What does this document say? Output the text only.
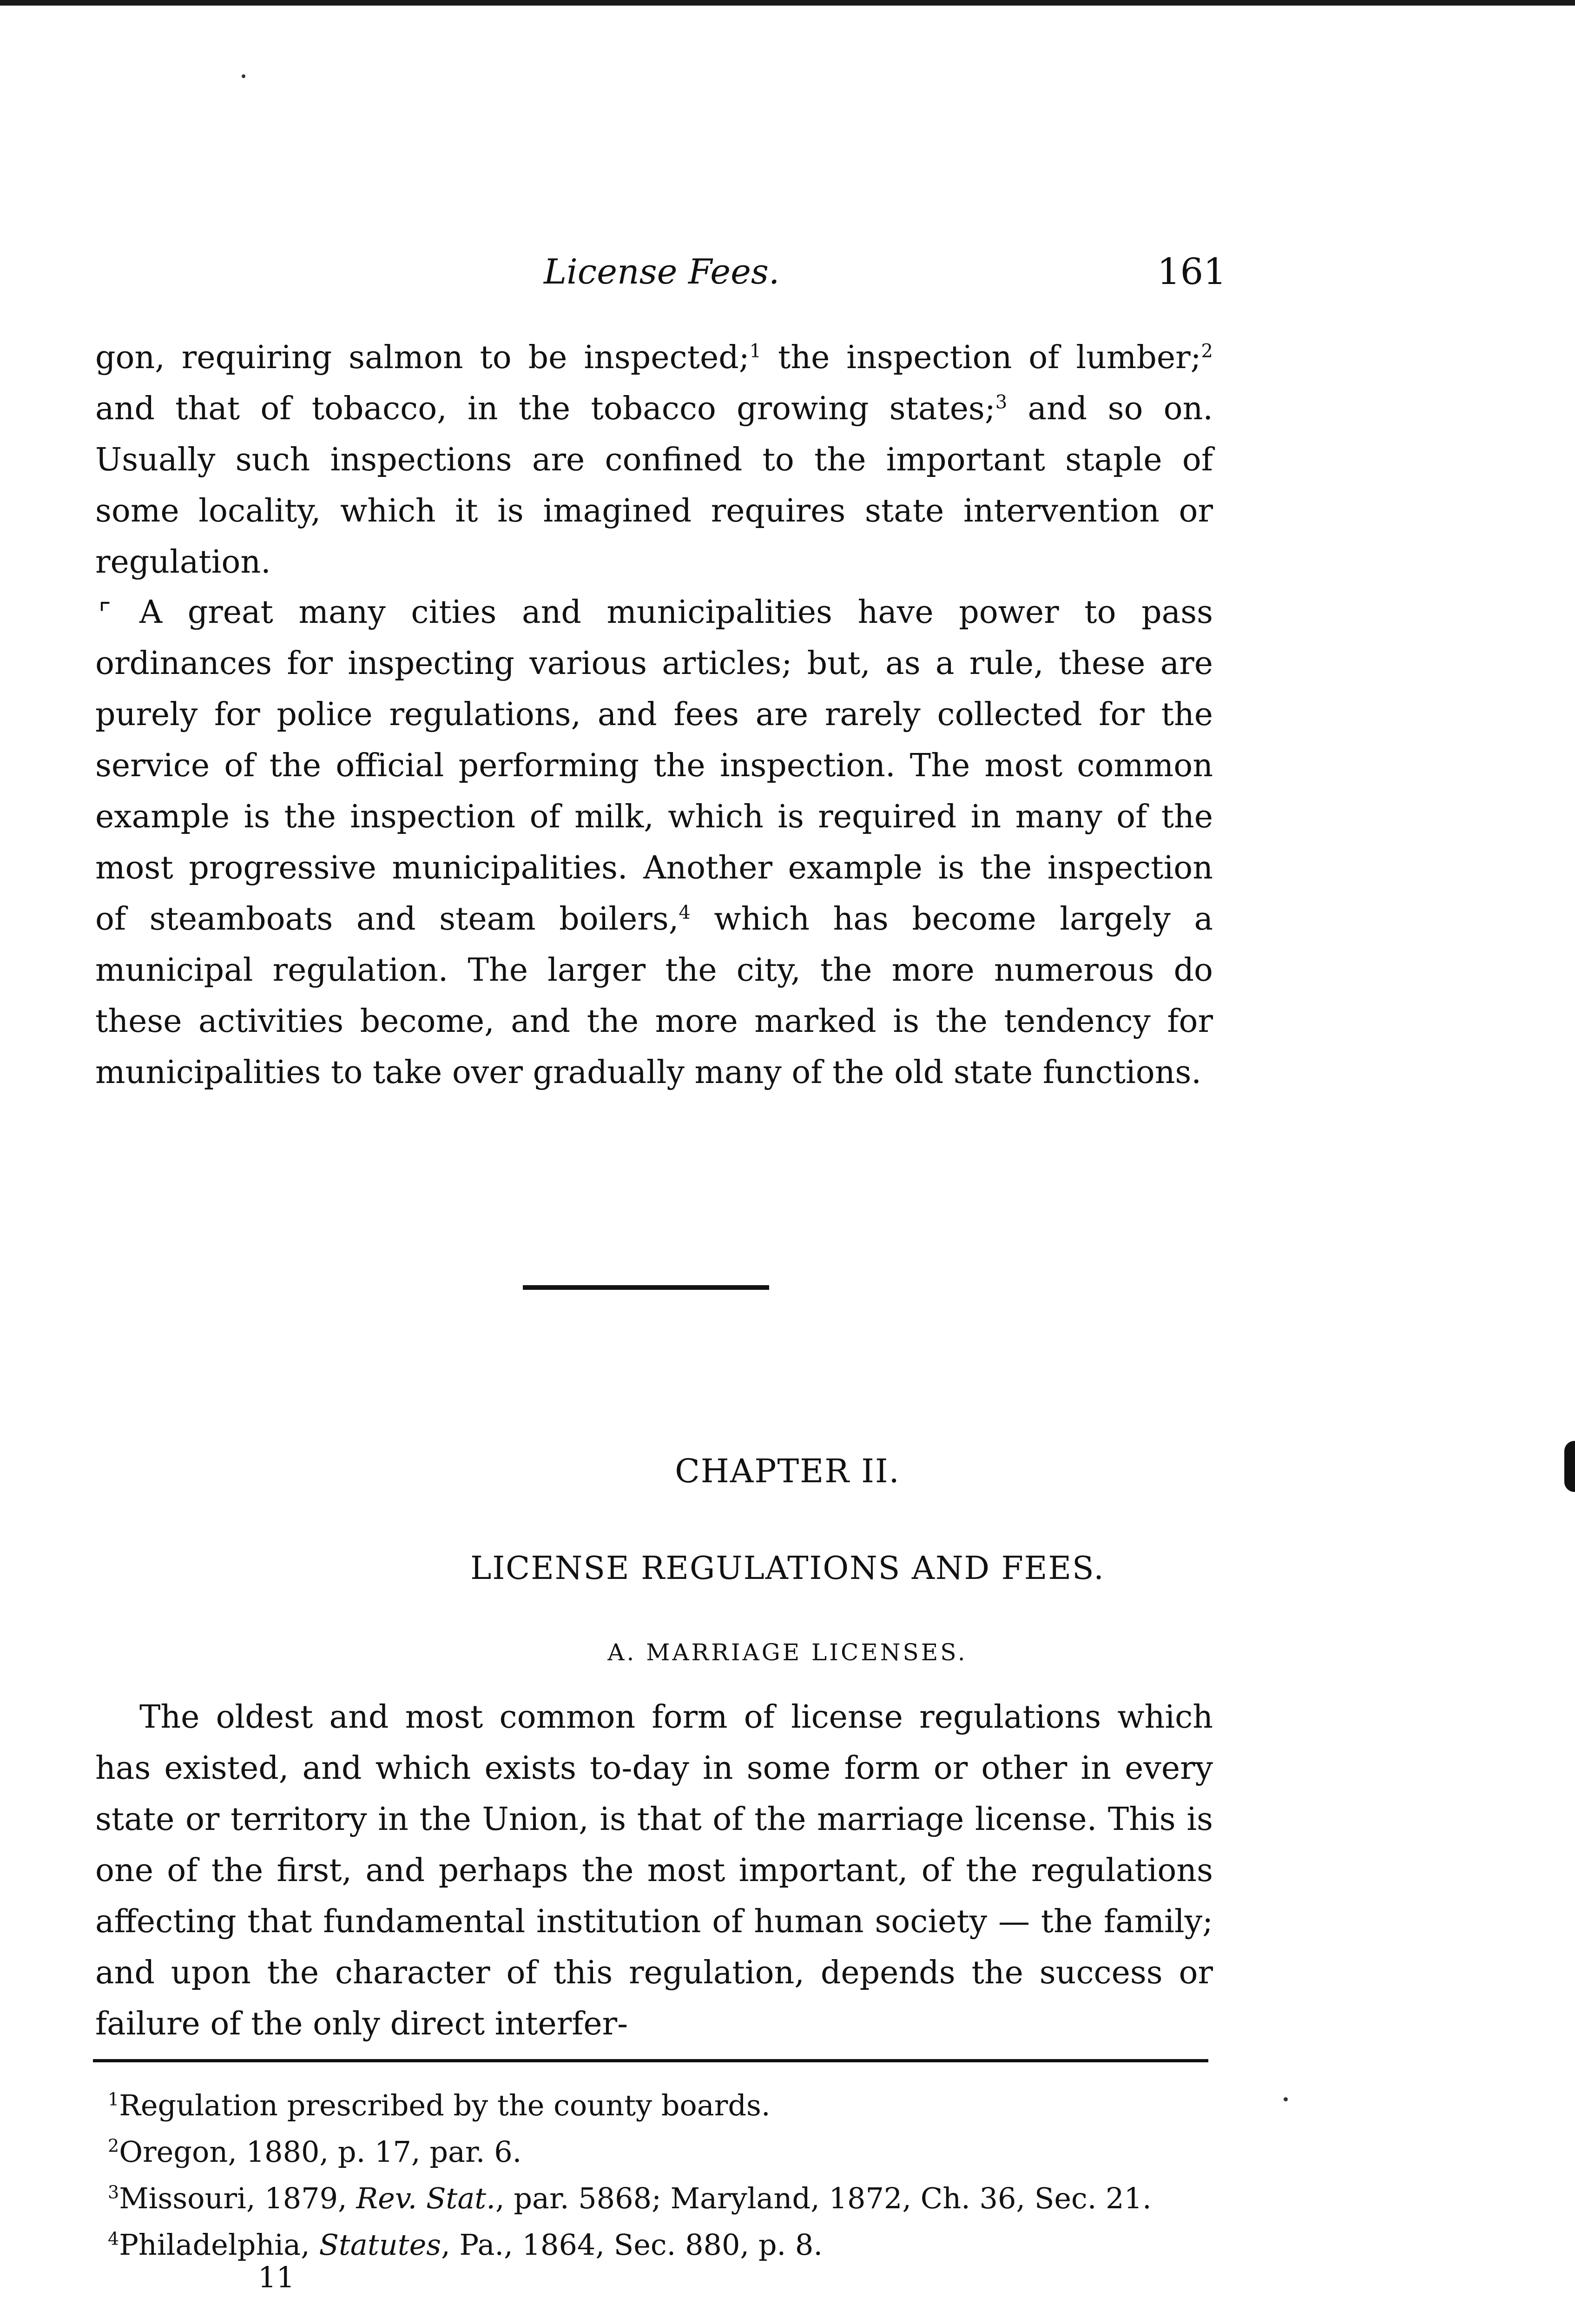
License Fees.	161

gon, requiring salmon to be inspected;$^1$ the inspection of lumber;$^2$ and that of tobacco, in the tobacco growing states;$^3$ and so on. Usually such inspections are confined to the important staple of some locality, which it is imagined requires state intervention or regulation.

⌜ A great many cities and municipalities have power to pass ordinances for inspecting various articles; but, as a rule, these are purely for police regulations, and fees are rarely collected for the service of the official performing the inspection. The most common example is the inspection of milk, which is required in many of the most progressive municipalities. Another example is the inspection of steamboats and steam boilers,$^4$ which has become largely a municipal regulation. The larger the city, the more numerous do these activities become, and the more marked is the tendency for municipalities to take over gradually many of the old state functions.

CHAPTER II.
LICENSE REGULATIONS AND FEES.
A. MARRIAGE LICENSES.

The oldest and most common form of license regulations which has existed, and which exists to-day in some form or other in every state or territory in the Union, is that of the marriage license. This is one of the first, and perhaps the most important, of the regulations affecting that fundamental institution of human society — the family; and upon the character of this regulation, depends the success or failure of the only direct interfer-

$^1$Regulation prescribed by the county boards.
$^2$Oregon, 1880, p. 17, par. 6.
$^3$Missouri, 1879, Rev. Stat., par. 5868; Maryland, 1872, Ch. 36, Sec. 21.
$^4$Philadelphia, Statutes, Pa., 1864, Sec. 880, p. 8.
11
